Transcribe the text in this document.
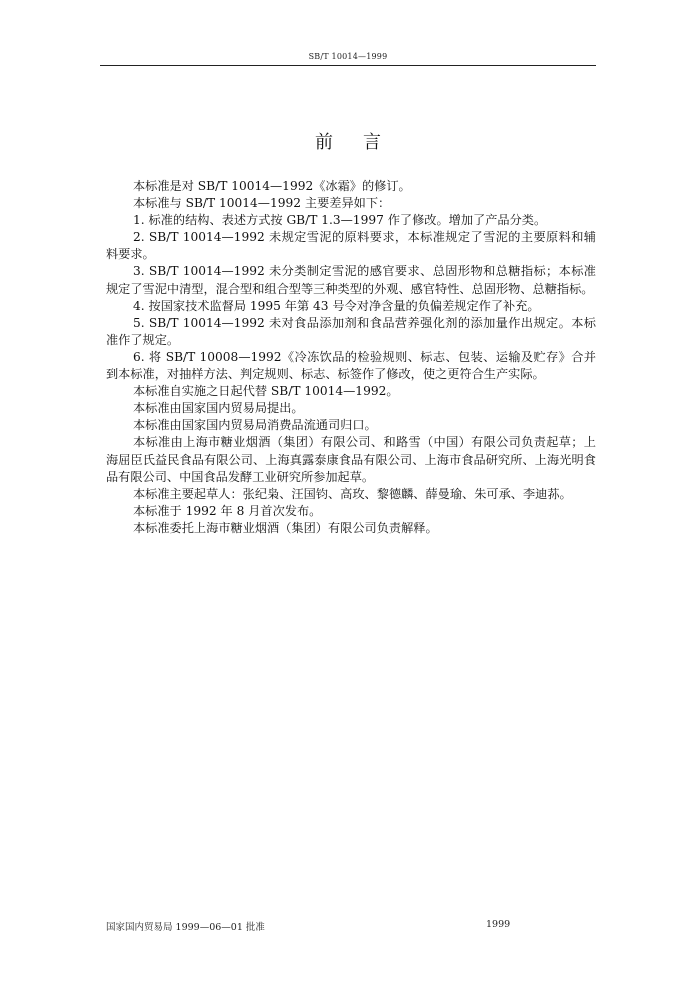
SB/T 10014—1999
前言

本标准是对 SB/T 10014—1992《冰霜》的修订。

本标准与 SB/T 10014—1992 主要差异如下：

1. 标准的结构、表述方式按 GB/T 1.3—1997 作了修改。增加了产品分类。

2. SB/T 10014—1992 未规定雪泥的原料要求，本标准规定了雪泥的主要原料和辅料要求。

3. SB/T 10014—1992 未分类制定雪泥的感官要求、总固形物和总糖指标；本标准规定了雪泥中清型，混合型和组合型等三种类型的外观、感官特性、总固形物、总糖指标。

4. 按国家技术监督局 1995 年第 43 号令对净含量的负偏差规定作了补充。

5. SB/T 10014—1992 未对食品添加剂和食品营养强化剂的添加量作出规定。本标准作了规定。

6. 将 SB/T 10008—1992《冷冻饮品的检验规则、标志、包装、运输及贮存》合并到本标准，对抽样方法、判定规则、标志、标签作了修改，使之更符合生产实际。

本标准自实施之日起代替 SB/T 10014—1992。

本标准由国家国内贸易局提出。

本标准由国家国内贸易局消费品流通司归口。

本标准由上海市糖业烟酒（集团）有限公司、和路雪（中国）有限公司负责起草；上海屈臣氏益民食品有限公司、上海真露泰康食品有限公司、上海市食品研究所、上海光明食品有限公司、中国食品发酵工业研究所参加起草。

本标准主要起草人：张纪枭、汪国钧、高玫、黎德麟、薛曼瑜、朱可承、李迪荪。

本标准于 1992 年 8 月首次发布。

本标准委托上海市糖业烟酒（集团）有限公司负责解释。

国家国内贸易局 1999—06—01 批准	1999
